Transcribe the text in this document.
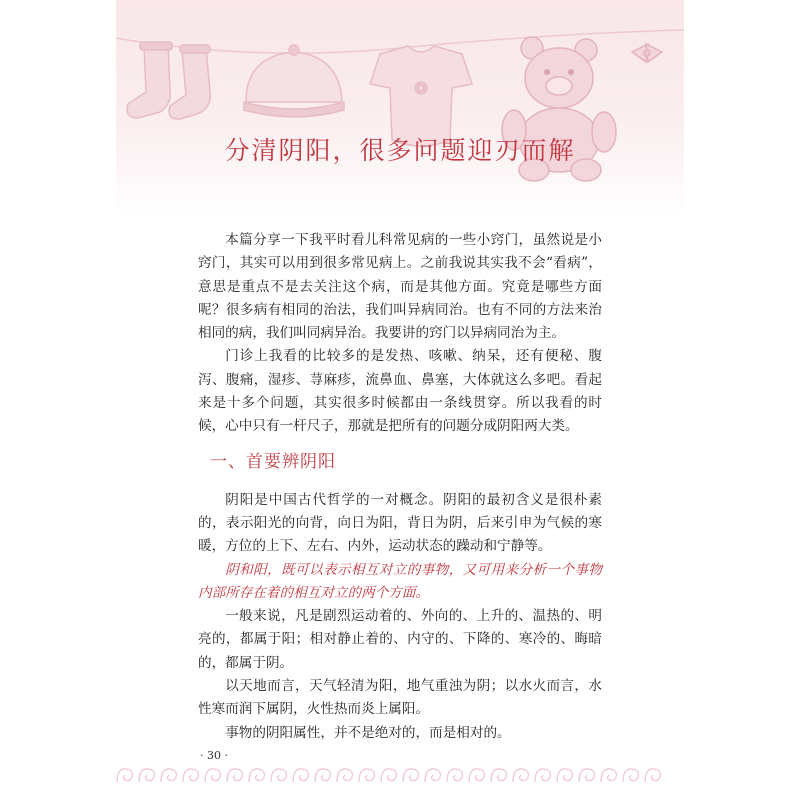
分清阴阳，很多问题迎刃而解

本篇分享一下我平时看儿科常见病的一些小窍门，虽然说是小窍门，其实可以用到很多常见病上。之前我说其实我不会“看病”，意思是重点不是去关注这个病，而是其他方面。究竟是哪些方面呢？很多病有相同的治法，我们叫异病同治。也有不同的方法来治相同的病，我们叫同病异治。我要讲的窍门以异病同治为主。

门诊上我看的比较多的是发热、咳嗽、纳呆，还有便秘、腹泻、腹痛，湿疹、荨麻疹，流鼻血、鼻塞，大体就这么多吧。看起来是十多个问题，其实很多时候都由一条线贯穿。所以我看的时候，心中只有一杆尺子，那就是把所有的问题分成阴阳两大类。

一、首要辨阴阳

阴阳是中国古代哲学的一对概念。阴阳的最初含义是很朴素的，表示阳光的向背，向日为阳，背日为阴，后来引申为气候的寒暖，方位的上下、左右、内外，运动状态的躁动和宁静等。

阴和阳，既可以表示相互对立的事物，又可用来分析一个事物内部所存在着的相互对立的两个方面。

一般来说，凡是剧烈运动着的、外向的、上升的、温热的、明亮的，都属于阳；相对静止着的、内守的、下降的、寒冷的、晦暗的，都属于阴。

以天地而言，天气轻清为阳，地气重浊为阴；以水火而言，水性寒而润下属阴，火性热而炎上属阳。

事物的阴阳属性，并不是绝对的，而是相对的。

· 30 ·
